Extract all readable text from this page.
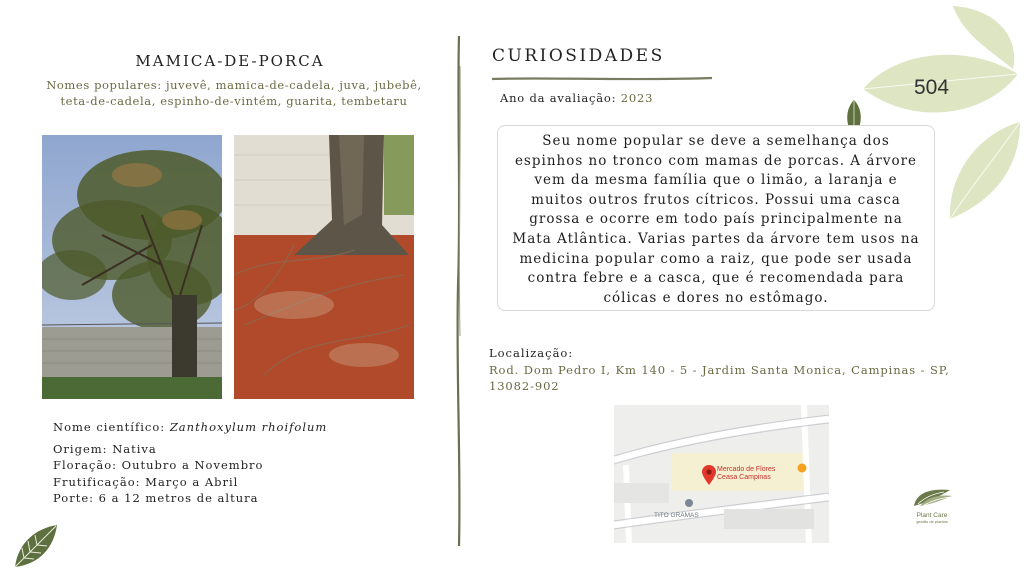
MAMICA-DE-PORCA
Nomes populares: juvevê, mamica-de-cadela, juva, jubebê, teta-de-cadela, espinho-de-vintém, guarita, tembetaru
Nome científico: Zanthoxylum rhoifolum
Origem: Nativa
Floração: Outubro a Novembro
Frutificação: Março a Abril
Porte: 6 a 12 metros de altura
CURIOSIDADES
Ano da avaliação: 2023	504

Seu nome popular se deve a semelhança dos espinhos no tronco com mamas de porcas. A árvore vem da mesma família que o limão, a laranja e muitos outros frutos cítricos. Possui uma casca grossa e ocorre em todo país principalmente na Mata Atlântica. Varias partes da árvore tem usos na medicina popular como a raiz, que pode ser usada contra febre e a casca, que é recomendada para cólicas e dores no estômago.

Localização:
Rod. Dom Pedro I, Km 140 - 5 - Jardim Santa Monica, Campinas - SP, 13082-902
Mercado de Flores
Ceasa Campinas
TITO GRAMAS	Plant Care
gestão de plantas
